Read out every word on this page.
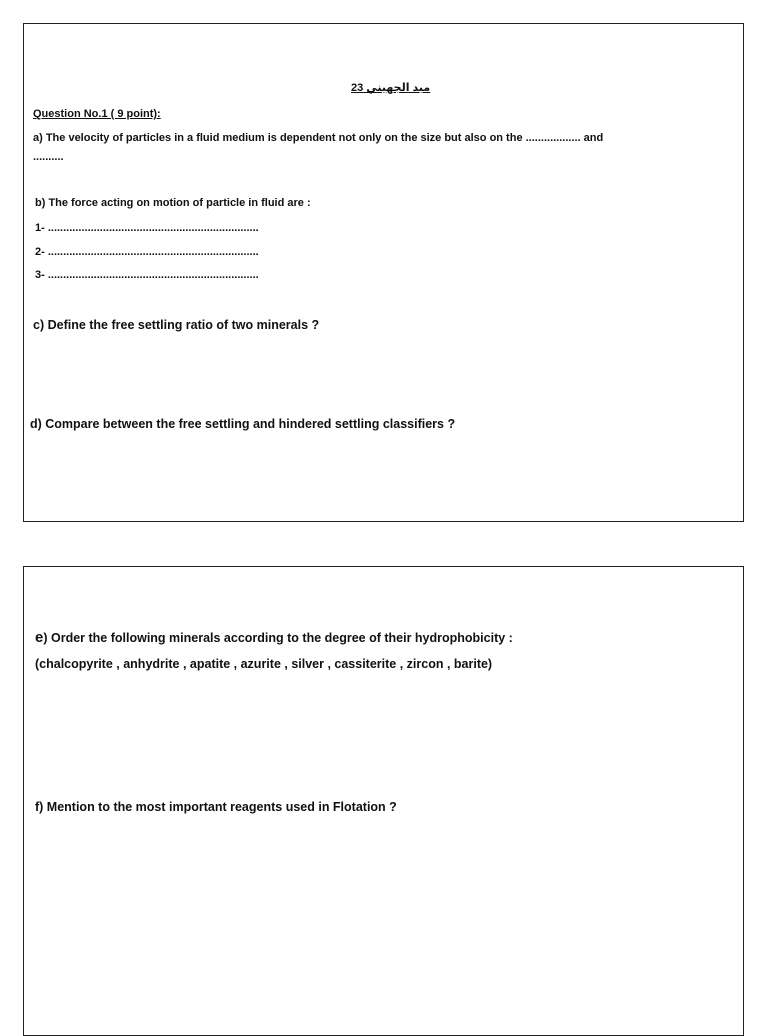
مبد الجهيني 23
Question No.1 ( 9 point):
a) The velocity of particles in a fluid medium is dependent not only on the size but also on the .................. and
..........
b) The force acting on motion of particle in fluid are :
1- .....................................................................
2- .....................................................................
3- .....................................................................
c) Define the free settling ratio of two minerals ?
d) Compare between the free settling and hindered settling classifiers ?
e) Order the following minerals according to the degree of their hydrophobicity :
(chalcopyrite , anhydrite , apatite , azurite , silver , cassiterite , zircon , barite)
f) Mention to the most important reagents used in Flotation ?
